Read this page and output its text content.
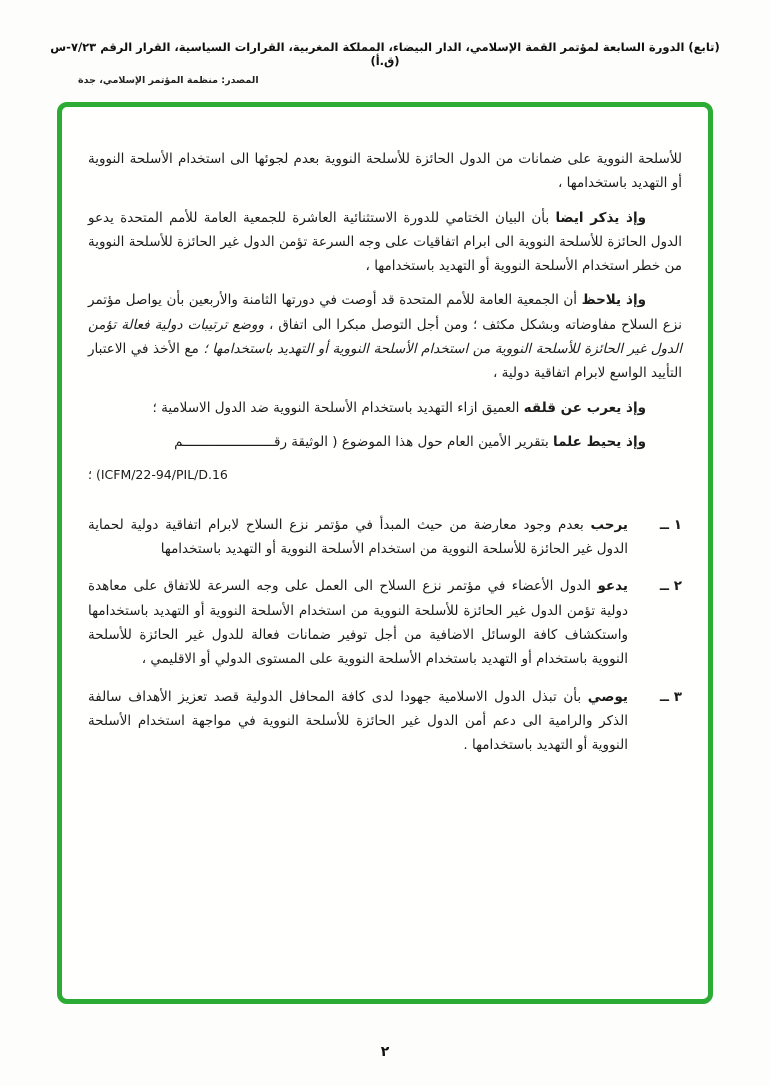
(تابع) الدورة السابعة لمؤتمر القمة الإسلامي، الدار البيضاء، المملكة المغربية، القرارات السياسية، القرار الرقم ٧/٢٣-س (ق.أ)
المصدر: منظمة المؤتمر الإسلامي، جدة

للأسلحة النووية على ضمانات من الدول الحائزة للأسلحة النووية بعدم لجوئها الى استخدام الأسلحة النووية أو التهديد باستخدامها ،

وإذ يذكر ايضا بأن البيان الختامي للدورة الاستثنائية العاشرة للجمعية العامة للأمم المتحدة يدعو الدول الحائزة للأسلحة النووية الى ابرام اتفاقيات على وجه السرعة تؤمن الدول غير الحائزة للأسلحة النووية من خطر استخدام الأسلحة النووية أو التهديد باستخدامها ،

وإذ يلاحظ أن الجمعية العامة للأمم المتحدة قد أوصت في دورتها الثامنة والأربعين بأن يواصل مؤتمر نزع السلاح مفاوضاته وبشكل مكثف ؛ ومن أجل التوصل مبكرا الى اتفاق ، ووضع ترتيبات دولية فعالة تؤمن الدول غير الحائزة للأسلحة النووية من استخدام الأسلحة النووية أو التهديد باستخدامها ؛ مع الأخذ في الاعتبار التأييد الواسع لابرام اتفاقية دولية ،

وإذ يعرب عن قلقه العميق ازاء التهديد باستخدام الأسلحة النووية ضد الدول الاسلامية ؛

وإذ يحيط علما بتقرير الأمين العام حول هذا الموضوع ( الوثيقة رقـــــــــــــــــــــــم

؛ (ICFM/22-94/PIL/D.16

١ ــ
يرحب بعدم وجود معارضة من حيث المبدأ في مؤتمر نزع السلاح لابرام اتفاقية دولية لحماية الدول غير الحائزة للأسلحة النووية من استخدام الأسلحة النووية أو التهديد باستخدامها
٢ ــ
يدعو الدول الأعضاء في مؤتمر نزع السلاح الى العمل على وجه السرعة للاتفاق على معاهدة دولية تؤمن الدول غير الحائزة للأسلحة النووية من استخدام الأسلحة النووية أو التهديد باستخدامها واستكشاف كافة الوسائل الاضافية من أجل توفير ضمانات فعالة للدول غير الحائزة للأسلحة النووية باستخدام أو التهديد باستخدام الأسلحة النووية على المستوى الدولي أو الاقليمي ،
٣ ــ
يوصي بأن تبذل الدول الاسلامية جهودا لدى كافة المحافل الدولية قصد تعزيز الأهداف سالفة الذكر والرامية الى دعم أمن الدول غير الحائزة للأسلحة النووية في مواجهة استخدام الأسلحة النووية أو التهديد باستخدامها .
٢
